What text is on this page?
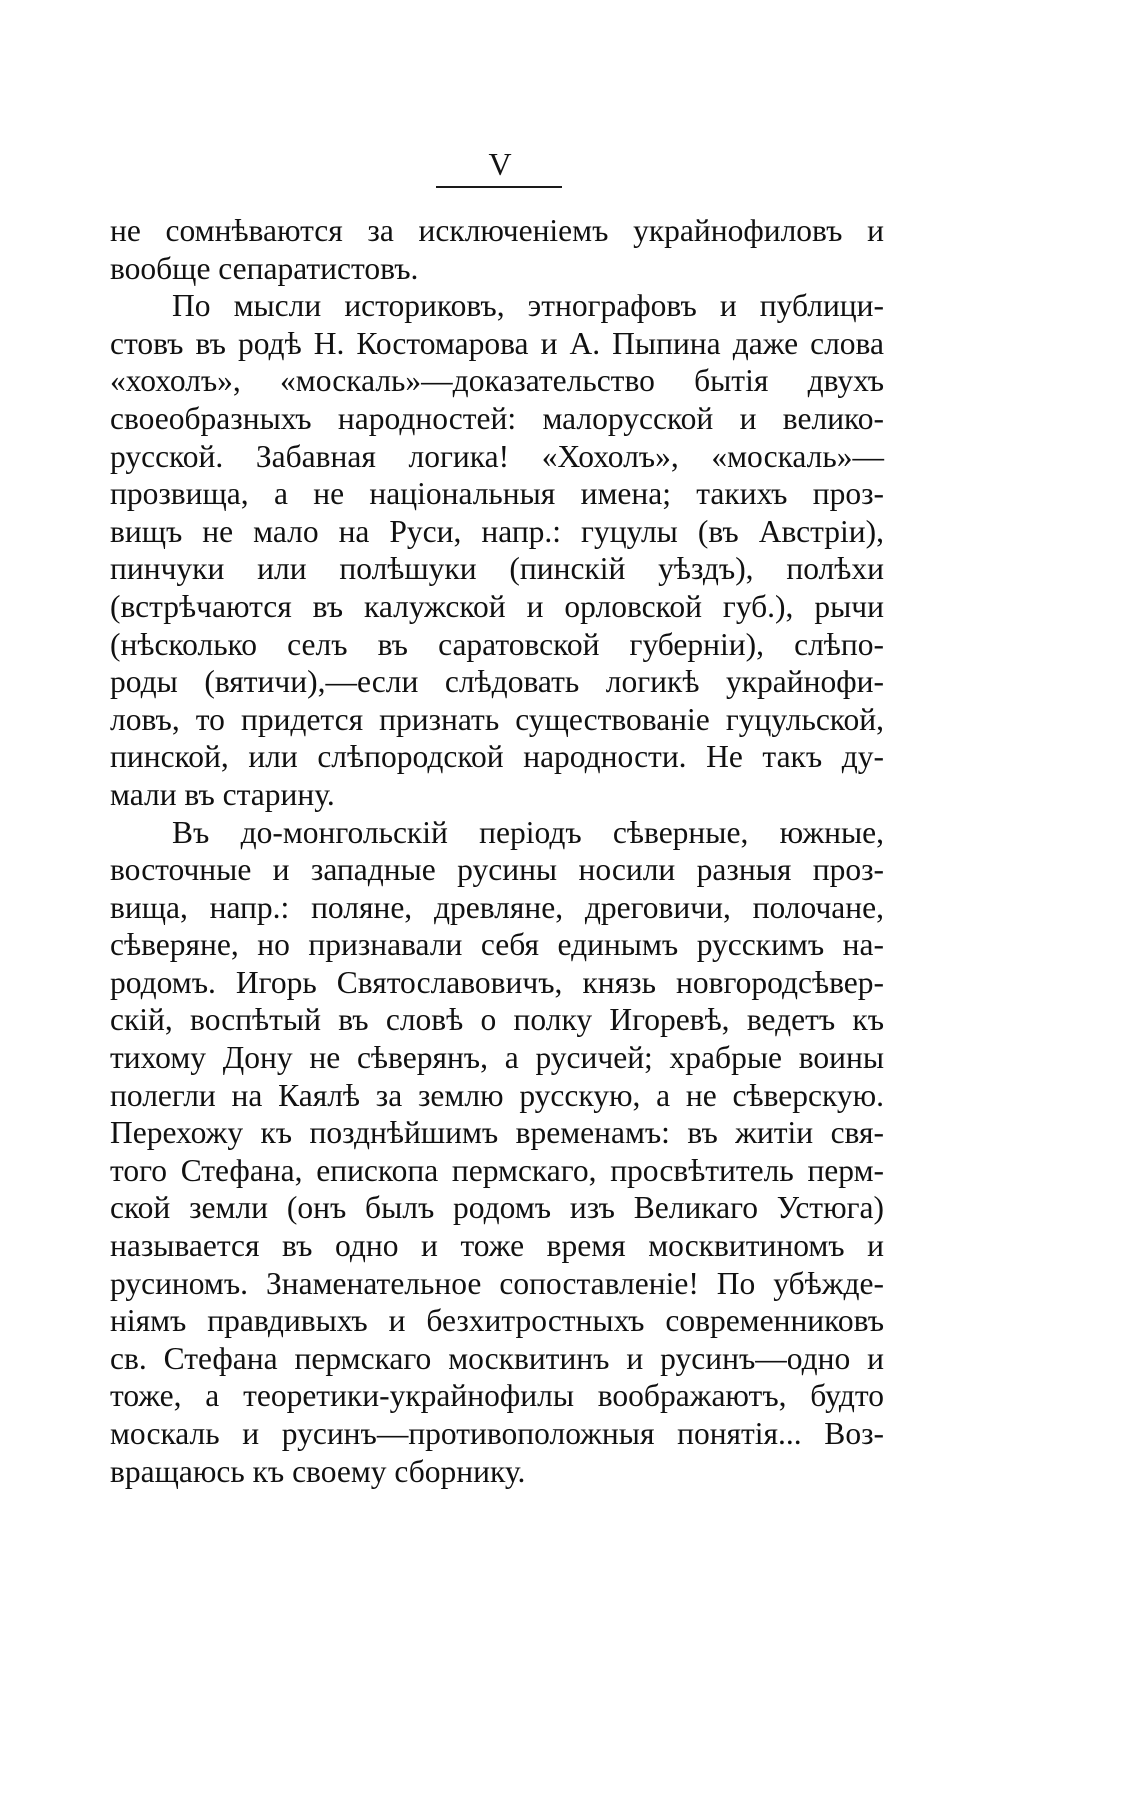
V
не сомнѣваются за исключеніемъ украйнофиловъ и
вообще сепаратистовъ.
По мысли историковъ, этнографовъ и публици-
стовъ въ родѣ Н. Костомарова и А. Пыпина даже слова
«хохолъ», «москаль»—доказательство бытія двухъ
своеобразныхъ народностей: малорусской и велико-
русской. Забавная логика! «Хохолъ», «москаль»—
прозвища, а не національныя имена; такихъ проз-
вищъ не мало на Руси, напр.: гуцулы (въ Австріи),
пинчуки или полѣшуки (пинскій уѣздъ), полѣхи
(встрѣчаются въ калужской и орловской губ.), рычи
(нѣсколько селъ въ саратовской губерніи), слѣпо-
роды (вятичи),—если слѣдовать логикѣ украйнофи-
ловъ, то придется признать существованіе гуцульской,
пинской, или слѣпородской народности. Не такъ ду-
мали въ старину.
Въ до-монгольскій періодъ сѣверные, южные,
восточные и западные русины носили разныя проз-
вища, напр.: поляне, древляне, дреговичи, полочане,
сѣверяне, но признавали себя единымъ русскимъ на-
родомъ. Игорь Святославовичъ, князь новгородсѣвер-
скій, воспѣтый въ словѣ о полку Игоревѣ, ведетъ къ
тихому Дону не сѣверянъ, а русичей; храбрые воины
полегли на Каялѣ за землю русскую, а не сѣверскую.
Перехожу къ позднѣйшимъ временамъ: въ житіи свя-
того Стефана, епископа пермскаго, просвѣтитель перм-
ской земли (онъ былъ родомъ изъ Великаго Устюга)
называется въ одно и тоже время москвитиномъ и
русиномъ. Знаменательное сопоставленіе! По убѣжде-
ніямъ правдивыхъ и безхитростныхъ современниковъ
св. Стефана пермскаго москвитинъ и русинъ—одно и
тоже, а теоретики-украйнофилы воображаютъ, будто
москаль и русинъ—противоположныя понятія... Воз-
вращаюсь къ своему сборнику.
